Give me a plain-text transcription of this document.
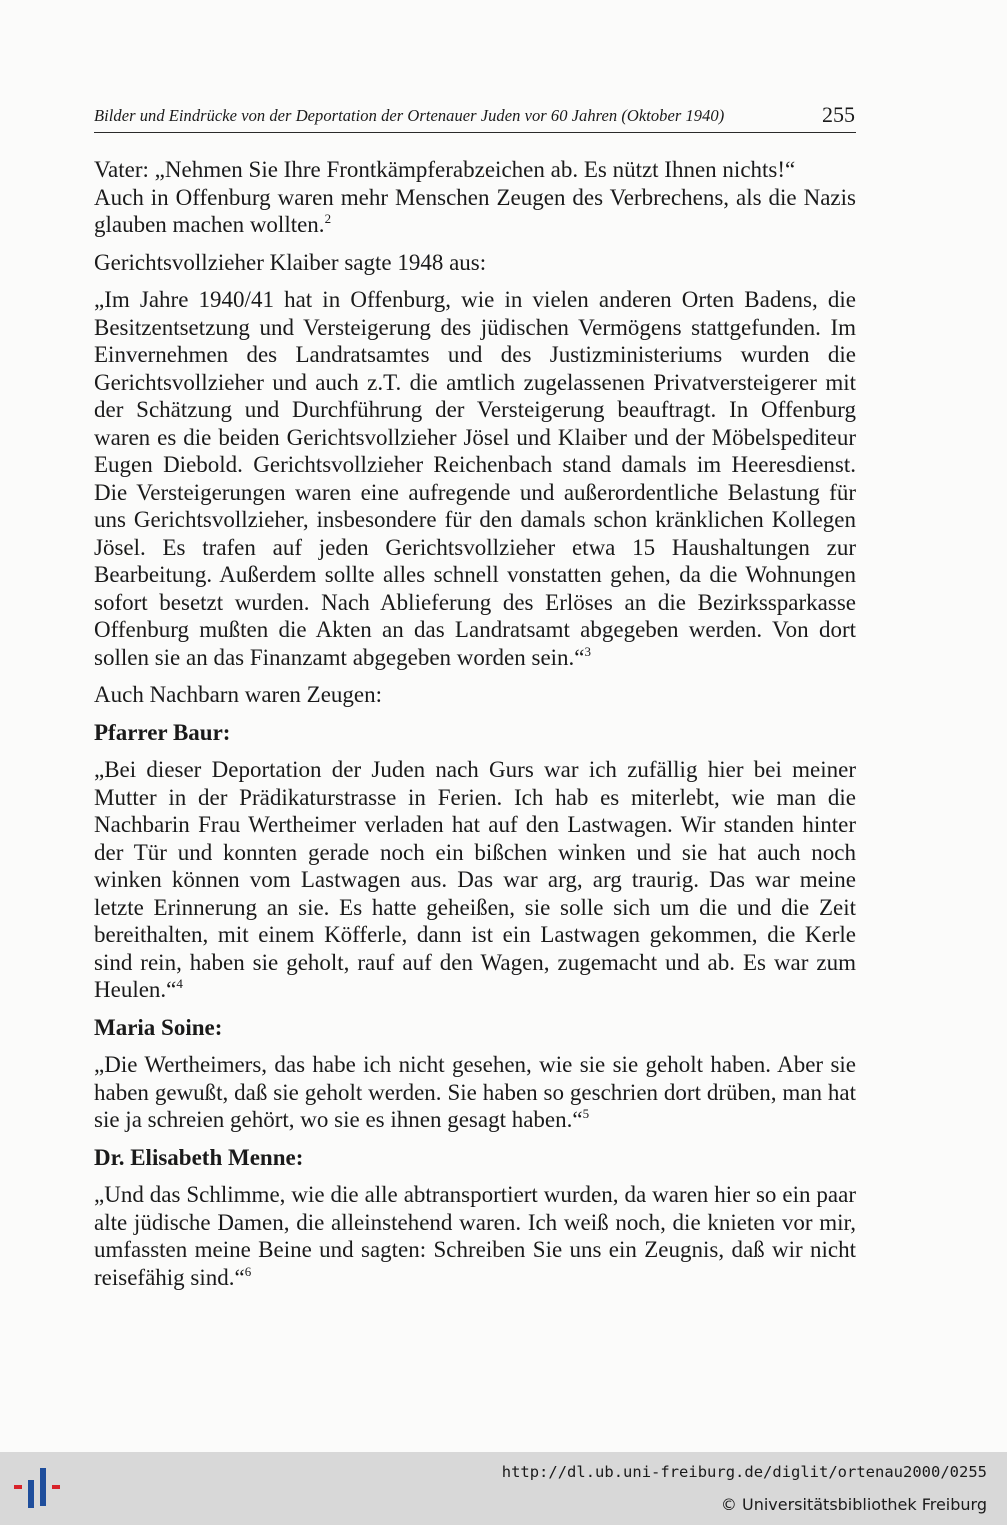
Bilder und Eindrücke von der Deportation der Ortenauer Juden vor 60 Jahren (Oktober 1940)	255

Vater: „Nehmen Sie Ihre Frontkämpferabzeichen ab. Es nützt Ihnen nichts!“

Auch in Offenburg waren mehr Menschen Zeugen des Verbrechens, als die Nazis glauben machen wollten.$^2$

Gerichtsvollzieher Klaiber sagte 1948 aus:

„Im Jahre 1940/41 hat in Offenburg, wie in vielen anderen Orten Badens, die Besitzentsetzung und Versteigerung des jüdischen Vermögens stattgefunden. Im Einvernehmen des Landratsamtes und des Justizministeriums wurden die Gerichtsvollzieher und auch z.T. die amtlich zugelassenen Privatversteigerer mit der Schätzung und Durchführung der Versteigerung beauftragt. In Offenburg waren es die beiden Gerichtsvollzieher Jösel und Klaiber und der Möbelspediteur Eugen Diebold. Gerichtsvollzieher Reichenbach stand damals im Heeresdienst. Die Versteigerungen waren eine aufregende und außerordentliche Belastung für uns Gerichtsvollzieher, insbesondere für den damals schon kränklichen Kollegen Jösel. Es trafen auf jeden Gerichtsvollzieher etwa 15 Haushaltungen zur Bearbeitung. Außerdem sollte alles schnell vonstatten gehen, da die Wohnungen sofort besetzt wurden. Nach Ablieferung des Erlöses an die Bezirkssparkasse Offenburg mußten die Akten an das Landratsamt abgegeben werden. Von dort sollen sie an das Finanzamt abgegeben worden sein.“$^3$

Auch Nachbarn waren Zeugen:

Pfarrer Baur:

„Bei dieser Deportation der Juden nach Gurs war ich zufällig hier bei meiner Mutter in der Prädikaturstrasse in Ferien. Ich hab es miterlebt, wie man die Nachbarin Frau Wertheimer verladen hat auf den Lastwagen. Wir standen hinter der Tür und konnten gerade noch ein bißchen winken und sie hat auch noch winken können vom Lastwagen aus. Das war arg, arg traurig. Das war meine letzte Erinnerung an sie. Es hatte geheißen, sie solle sich um die und die Zeit bereithalten, mit einem Köfferle, dann ist ein Lastwagen gekommen, die Kerle sind rein, haben sie geholt, rauf auf den Wagen, zugemacht und ab. Es war zum Heulen.“$^4$

Maria Soine:

„Die Wertheimers, das habe ich nicht gesehen, wie sie sie geholt haben. Aber sie haben gewußt, daß sie geholt werden. Sie haben so geschrien dort drüben, man hat sie ja schreien gehört, wo sie es ihnen gesagt haben.“$^5$

Dr. Elisabeth Menne:

„Und das Schlimme, wie die alle abtransportiert wurden, da waren hier so ein paar alte jüdische Damen, die alleinstehend waren. Ich weiß noch, die knieten vor mir, umfassten meine Beine und sagten: Schreiben Sie uns ein Zeugnis, daß wir nicht reisefähig sind.“$^6$

http://dl.ub.uni-freiburg.de/diglit/ortenau2000/0255
© Universitätsbibliothek Freiburg
